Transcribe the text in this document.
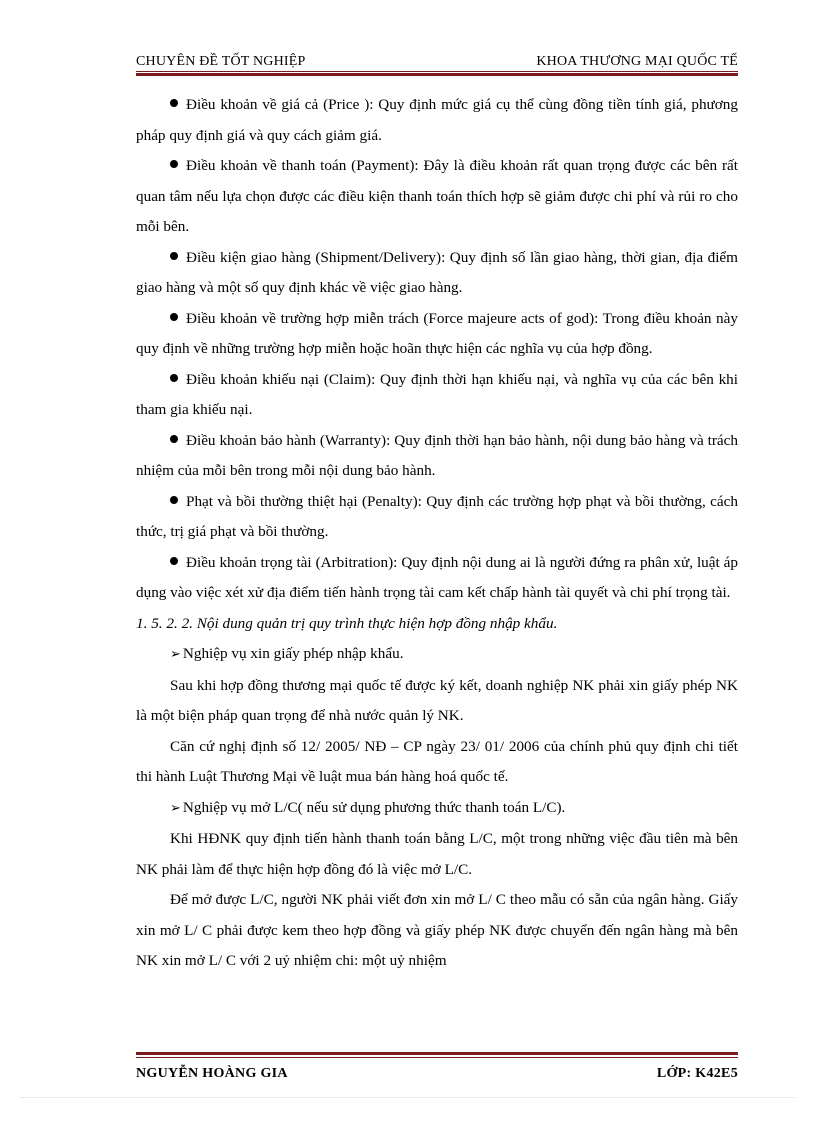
CHUYÊN ĐỀ TỐT NGHIỆP	KHOA THƯƠNG MẠI QUỐC TẾ

Điều khoản về giá cả (Price ): Quy định mức giá cụ thể cùng đồng tiền tính giá, phương pháp quy định giá và quy cách giảm giá.

Điều khoản về thanh toán (Payment): Đây là điều khoản rất quan trọng được các bên rất quan tâm nếu lựa chọn được các điều kiện thanh toán thích hợp sẽ giảm được chi phí và rủi ro cho mỗi bên.

Điều kiện giao hàng (Shipment/Delivery): Quy định số lần giao hàng, thời gian, địa điểm giao hàng và một số quy định khác về việc giao hàng.

Điều khoản về trường hợp miễn trách (Force majeure acts of god): Trong điều khoản này quy định về những trường hợp miễn hoặc hoãn thực hiện các nghĩa vụ của hợp đồng.

Điều khoản khiếu nại (Claim): Quy định thời hạn khiếu nại, và nghĩa vụ của các bên khi tham gia khiếu nại.

Điều khoản bảo hành (Warranty): Quy định thời hạn bảo hành, nội dung bảo hàng và trách nhiệm của mỗi bên trong mỗi nội dung bảo hành.

Phạt và bồi thường thiệt hại (Penalty): Quy định các trường hợp phạt và bồi thường, cách thức, trị giá phạt và bồi thường.

Điều khoản trọng tài (Arbitration): Quy định nội dung ai là người đứng ra phân xử, luật áp dụng vào việc xét xử địa điểm tiến hành trọng tài cam kết chấp hành tài quyết và chi phí trọng tài.

1. 5. 2. 2. Nội dung quản trị quy trình thực hiện hợp đồng nhập khẩu.

➢ Nghiệp vụ xin giấy phép nhập khẩu.

Sau khi hợp đồng thương mại quốc tế được ký kết, doanh nghiệp NK phải xin giấy phép NK là một biện pháp quan trọng để nhà nước quản lý NK.

Căn cứ nghị định số 12/ 2005/ NĐ – CP ngày 23/ 01/ 2006 của chính phủ quy định chi tiết thi hành Luật Thương Mại về luật mua bán hàng hoá quốc tế.

➢ Nghiệp vụ mở L/C( nếu sử dụng phương thức thanh toán L/C).

Khi HĐNK quy định tiến hành thanh toán bằng L/C, một trong những việc đầu tiên mà bên NK phải làm để thực hiện hợp đồng đó là việc mở L/C.

Để mở được L/C, người NK phải viết đơn xin mở L/ C theo mẫu có sẵn của ngân hàng. Giấy xin mở L/ C phải được kem theo hợp đồng và giấy phép NK được chuyển đến ngân hàng mà bên NK xin mở L/ C với 2 uỷ nhiệm chi: một uỷ nhiệm

NGUYỄN HOÀNG GIA	LỚP: K42E5
